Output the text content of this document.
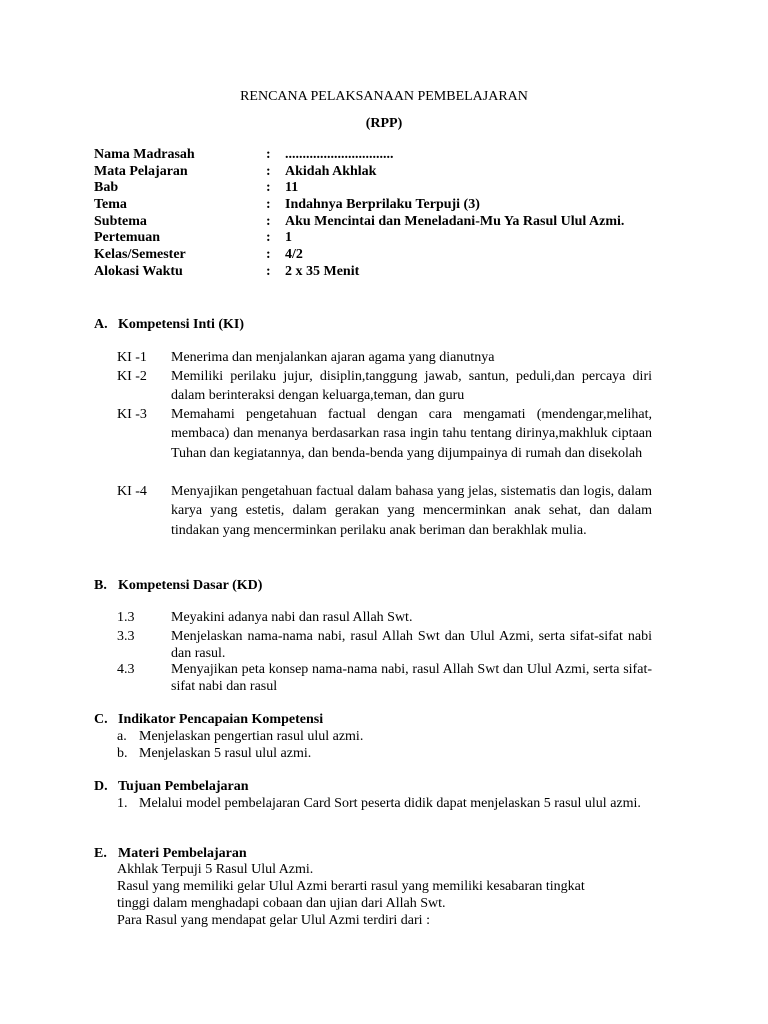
RENCANA PELAKSANAAN PEMBELAJARAN
(RPP)
Nama Madrasah	: ...............................
Mata Pelajaran	: Akidah Akhlak
Bab	: 11
Tema	: Indahnya Berprilaku Terpuji (3)
Subtema	: Aku Mencintai dan Meneladani-Mu Ya Rasul Ulul Azmi.
Pertemuan	: 1
Kelas/Semester	: 4/2
Alokasi Waktu	: 2 x 35 Menit
A. Kompetensi Inti (KI)
KI -1 Menerima dan menjalankan ajaran agama yang dianutnya
KI -2 Memiliki perilaku jujur, disiplin,tanggung jawab, santun, peduli,dan percaya diri dalam berinteraksi dengan keluarga,teman, dan guru
KI -3 Memahami pengetahuan factual dengan cara mengamati (mendengar,melihat, membaca) dan menanya berdasarkan rasa ingin tahu tentang dirinya,makhluk ciptaan Tuhan dan kegiatannya, dan benda-benda yang dijumpainya di rumah dan disekolah
KI -4 Menyajikan pengetahuan factual dalam bahasa yang jelas, sistematis dan logis, dalam karya yang estetis, dalam gerakan yang mencerminkan anak sehat, dan dalam tindakan yang mencerminkan perilaku anak beriman dan berakhlak mulia.
B. Kompetensi Dasar (KD)
1.3	Meyakini adanya nabi dan rasul Allah Swt.
3.3	Menjelaskan nama-nama nabi, rasul Allah Swt dan Ulul Azmi, serta sifat-sifat nabi dan rasul.
4.3	Menyajikan peta konsep nama-nama nabi, rasul Allah Swt dan Ulul Azmi, serta sifat-sifat nabi dan rasul
C. Indikator Pencapaian Kompetensi
a. Menjelaskan pengertian rasul ulul azmi.
b. Menjelaskan 5 rasul ulul azmi.
D. Tujuan Pembelajaran
1. Melalui model pembelajaran Card Sort peserta didik dapat menjelaskan 5 rasul ulul azmi.
E. Materi Pembelajaran
Akhlak Terpuji 5 Rasul Ulul Azmi.
Rasul yang memiliki gelar Ulul Azmi berarti rasul yang memiliki kesabaran tingkat
tinggi dalam menghadapi cobaan dan ujian dari Allah Swt.
Para Rasul yang mendapat gelar Ulul Azmi terdiri dari :
